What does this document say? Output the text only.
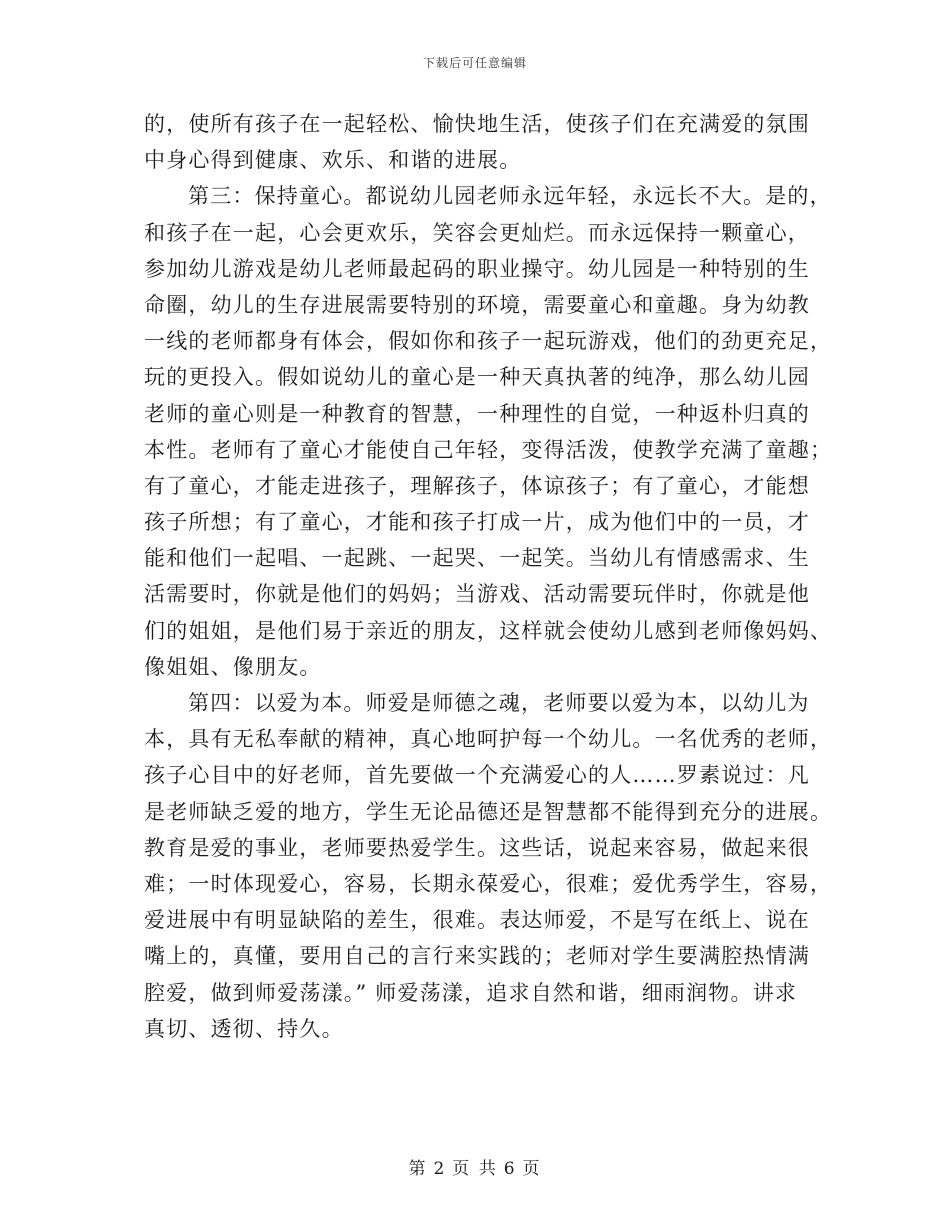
下载后可任意编辑
的，使所有孩子在一起轻松、愉快地生活，使孩子们在充满爱的氛围
中身心得到健康、欢乐、和谐的进展。
第三：保持童心。都说幼儿园老师永远年轻，永远长不大。是的，
和孩子在一起，心会更欢乐，笑容会更灿烂。而永远保持一颗童心，
参加幼儿游戏是幼儿老师最起码的职业操守。幼儿园是一种特别的生
命圈，幼儿的生存进展需要特别的环境，需要童心和童趣。身为幼教
一线的老师都身有体会，假如你和孩子一起玩游戏，他们的劲更充足，
玩的更投入。假如说幼儿的童心是一种天真执著的纯净，那么幼儿园
老师的童心则是一种教育的智慧，一种理性的自觉，一种返朴归真的
本性。老师有了童心才能使自己年轻，变得活泼，使教学充满了童趣；
有了童心，才能走进孩子，理解孩子，体谅孩子；有了童心，才能想
孩子所想；有了童心，才能和孩子打成一片，成为他们中的一员，才
能和他们一起唱、一起跳、一起哭、一起笑。当幼儿有情感需求、生
活需要时，你就是他们的妈妈；当游戏、活动需要玩伴时，你就是他
们的姐姐，是他们易于亲近的朋友，这样就会使幼儿感到老师像妈妈、
像姐姐、像朋友。
第四：以爱为本。师爱是师德之魂，老师要以爱为本，以幼儿为
本，具有无私奉献的精神，真心地呵护每一个幼儿。一名优秀的老师，
孩子心目中的好老师，首先要做一个充满爱心的人……罗素说过：凡
是老师缺乏爱的地方，学生无论品德还是智慧都不能得到充分的进展。
教育是爱的事业，老师要热爱学生。这些话，说起来容易，做起来很
难；一时体现爱心，容易，长期永葆爱心，很难；爱优秀学生，容易，
爱进展中有明显缺陷的差生，很难。表达师爱，不是写在纸上、说在
嘴上的，真懂，要用自己的言行来实践的；老师对学生要满腔热情满
腔爱，做到师爱荡漾。” 师爱荡漾，追求自然和谐，细雨润物。讲求
真切、透彻、持久。
第 2 页 共 6 页
